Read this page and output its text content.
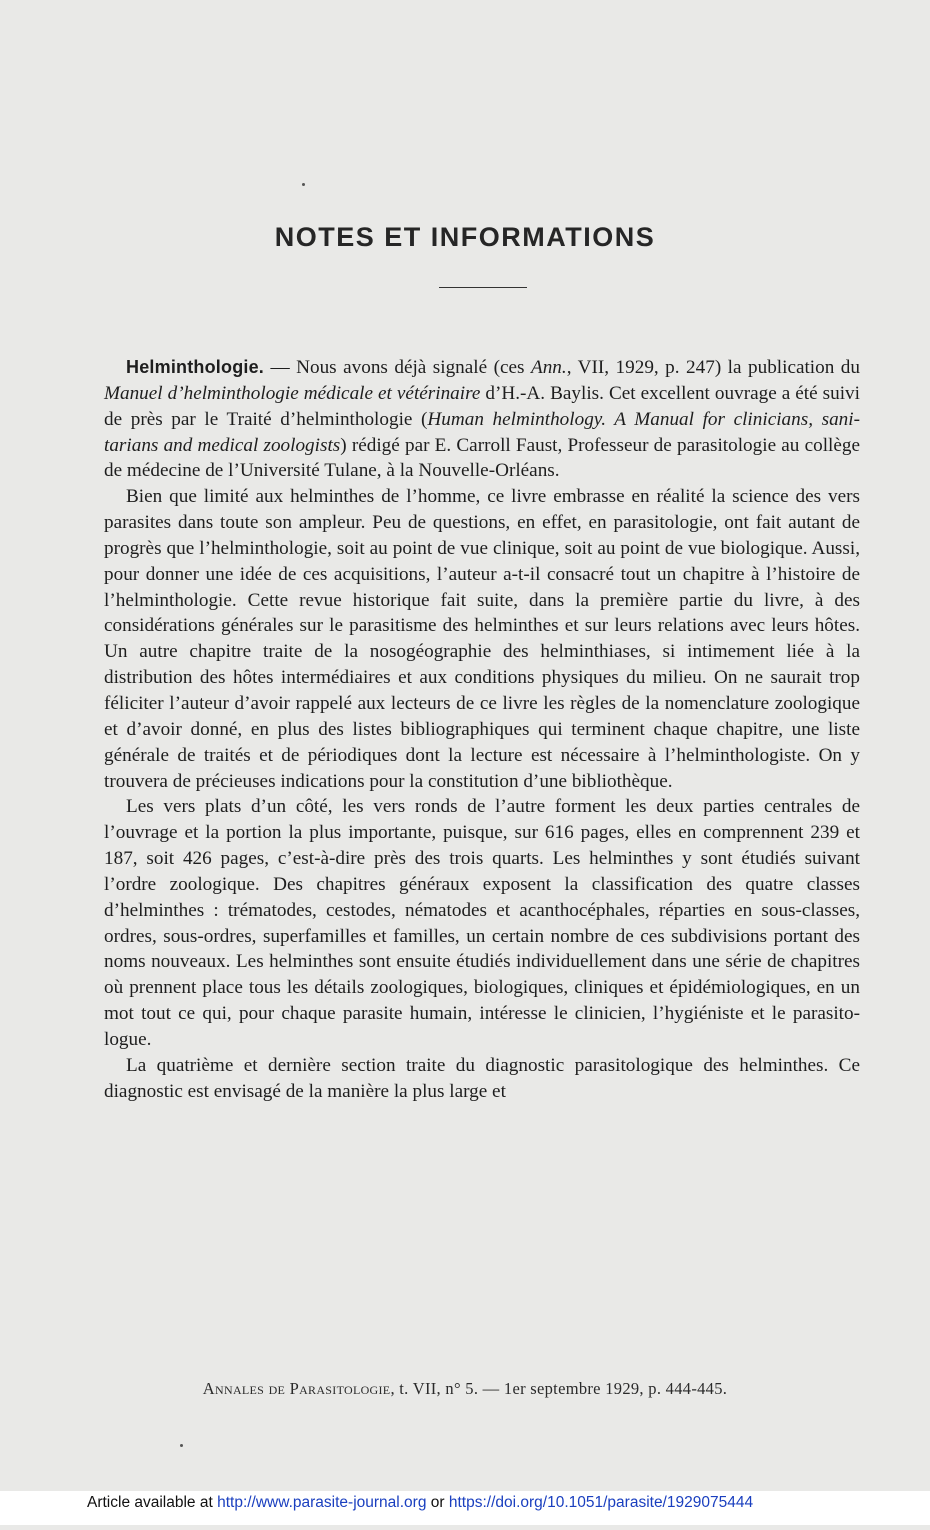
NOTES ET INFORMATIONS

Helminthologie. — Nous avons déjà signalé (ces Ann., VII, 1929, p. 247) la publication du Manuel d’helminthologie médicale et vétérinaire d’H.-A. Baylis. Cet excellent ouvrage a été suivi de près par le Traité d’helminthologie (Human helminthology. A Manual for clinicians, sanitarians and medical zoologists) rédigé par E. Carroll Faust, Professeur de parasitologie au collège de médecine de l’Université Tulane, à la Nouvelle-Orléans.

Bien que limité aux helminthes de l’homme, ce livre embrasse en réalité la science des vers parasites dans toute son ampleur. Peu de questions, en effet, en parasitologie, ont fait autant de progrès que l’helminthologie, soit au point de vue clinique, soit au point de vue biologique. Aussi, pour donner une idée de ces acquisitions, l’auteur a-t-il consacré tout un chapitre à l’histoire de l’helminthologie. Cette revue historique fait suite, dans la première partie du livre, à des considérations générales sur le parasitisme des helminthes et sur leurs relations avec leurs hôtes. Un autre chapitre traite de la nosogéographie des helminthiases, si intimement liée à la distribution des hôtes intermédiaires et aux conditions physiques du milieu. On ne saurait trop féliciter l’auteur d’avoir rappelé aux lecteurs de ce livre les règles de la nomenclature zoologique et d’avoir donné, en plus des listes bibliographiques qui terminent chaque chapitre, une liste générale de traités et de périodiques dont la lecture est nécessaire à l’helminthologiste. On y trouvera de précieuses indications pour la constitution d’une bibliothèque.

Les vers plats d’un côté, les vers ronds de l’autre forment les deux parties centrales de l’ouvrage et la portion la plus importante, puisque, sur 616 pages, elles en comprennent 239 et 187, soit 426 pages, c’est-à-dire près des trois quarts. Les helminthes y sont étudiés suivant l’ordre zoologique. Des chapitres généraux exposent la classification des quatre classes d’helminthes : trématodes, cestodes, nématodes et acanthocéphales, réparties en sous-classes, ordres, sous-ordres, superfamilles et familles, un certain nombre de ces subdivisions portant des noms nouveaux. Les helminthes sont ensuite étudiés individuellement dans une série de chapitres où prennent place tous les détails zoologiques, biologiques, cliniques et épidémiologiques, en un mot tout ce qui, pour chaque parasite humain, intéresse le clinicien, l’hygiéniste et le parasitologue.

La quatrième et dernière section traite du diagnostic parasitologique des helminthes. Ce diagnostic est envisagé de la manière la plus large et

Annales de Parasitologie, t. VII, n° 5. — 1er septembre 1929, p. 444-445.
Article available at http://www.parasite-journal.org or https://doi.org/10.1051/parasite/1929075444
